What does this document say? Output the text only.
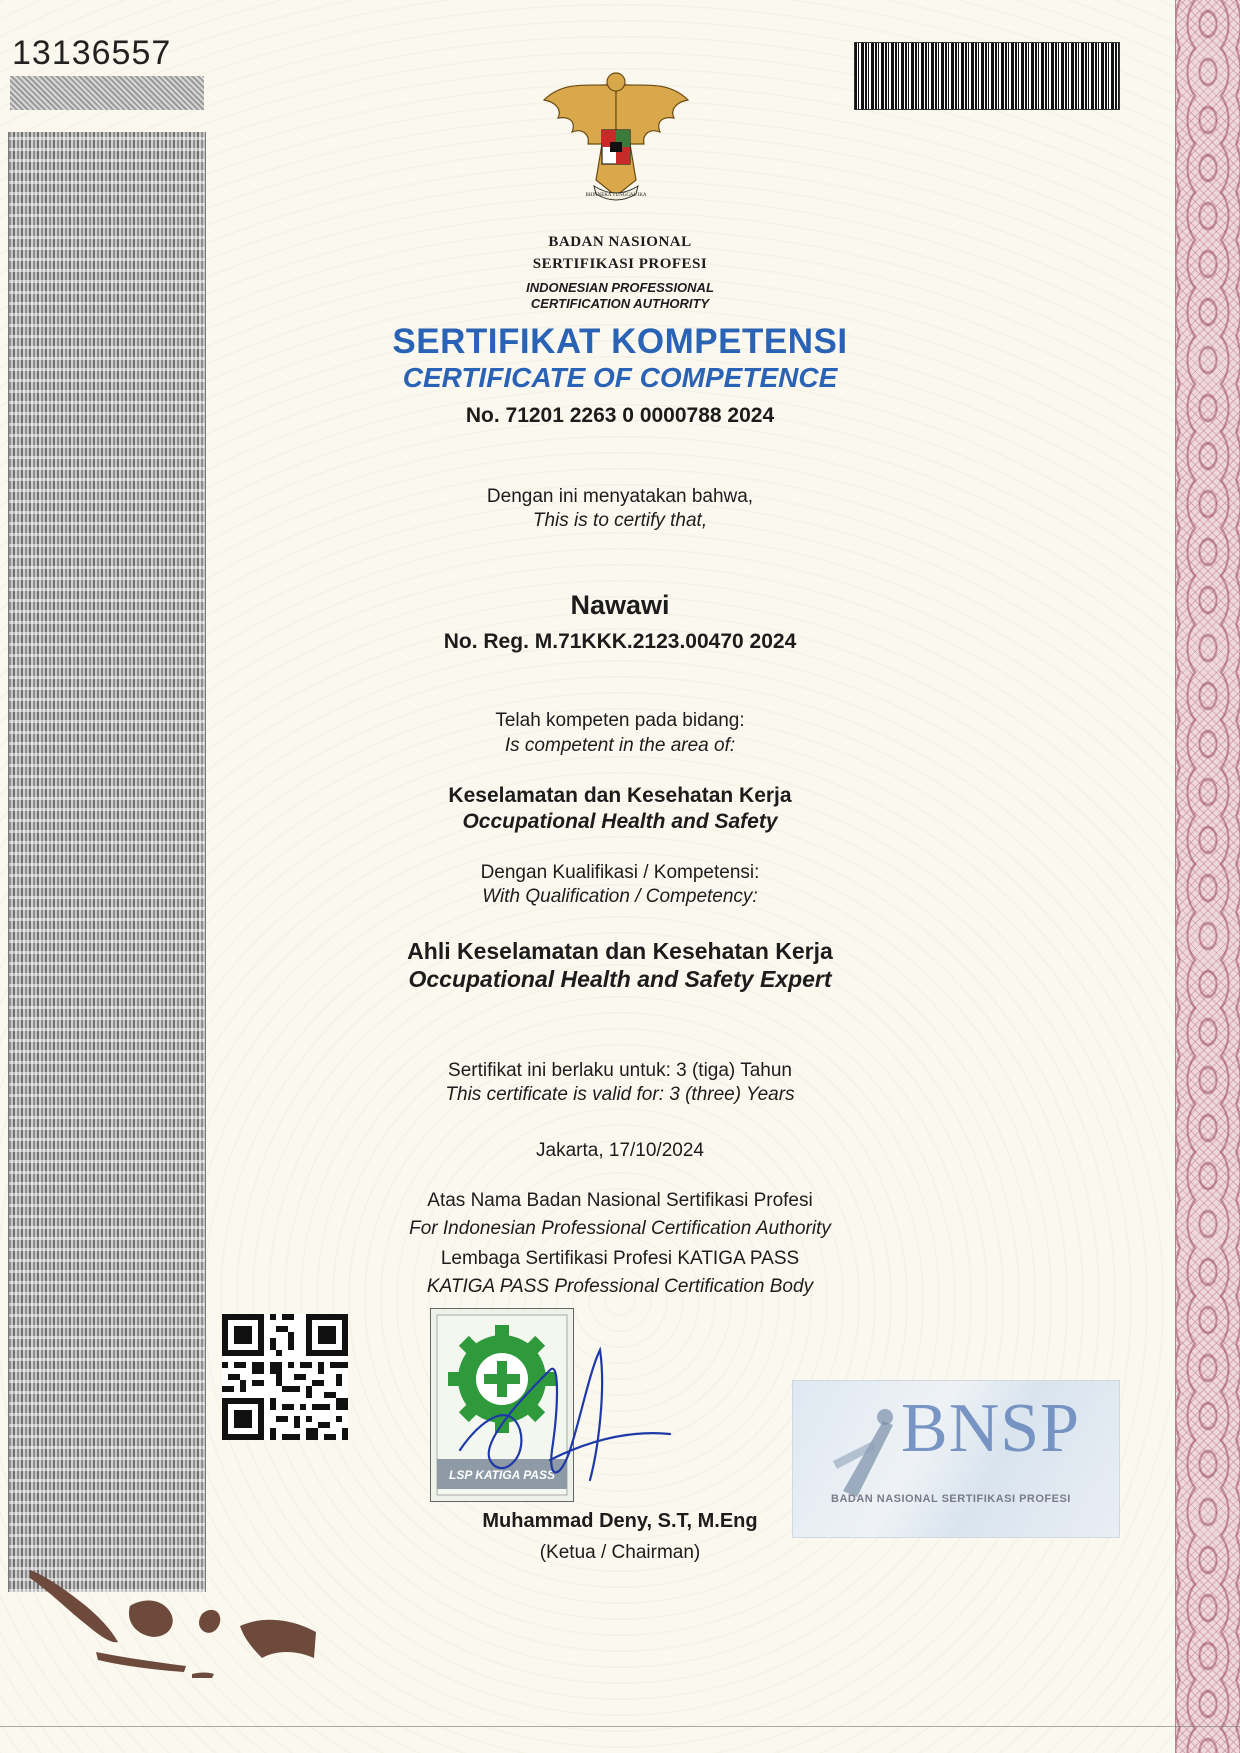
13136557
BHINNEKA TUNGGAL IKA
BADAN NASIONAL
SERTIFIKASI PROFESI
INDONESIAN PROFESSIONAL
CERTIFICATION AUTHORITY
SERTIFIKAT KOMPETENSI
CERTIFICATE OF COMPETENCE
No. 71201 2263 0 0000788 2024
Dengan ini menyatakan bahwa,
This is to certify that,
Nawawi
No. Reg. M.71KKK.2123.00470 2024
Telah kompeten pada bidang:
Is competent in the area of:
Keselamatan dan Kesehatan Kerja
Occupational Health and Safety
Dengan Kualifikasi / Kompetensi:
With Qualification / Competency:
Ahli Keselamatan dan Kesehatan Kerja
Occupational Health and Safety Expert
Sertifikat ini berlaku untuk: 3 (tiga) Tahun
This certificate is valid for: 3 (three) Years
Jakarta, 17/10/2024
Atas Nama Badan Nasional Sertifikasi Profesi
For Indonesian Professional Certification Authority
Lembaga Sertifikasi Profesi KATIGA PASS
KATIGA PASS Professional Certification Body
LSP KATIGA PASS
Muhammad Deny, S.T, M.Eng
(Ketua / Chairman)
BNSP
BADAN NASIONAL SERTIFIKASI PROFESI
